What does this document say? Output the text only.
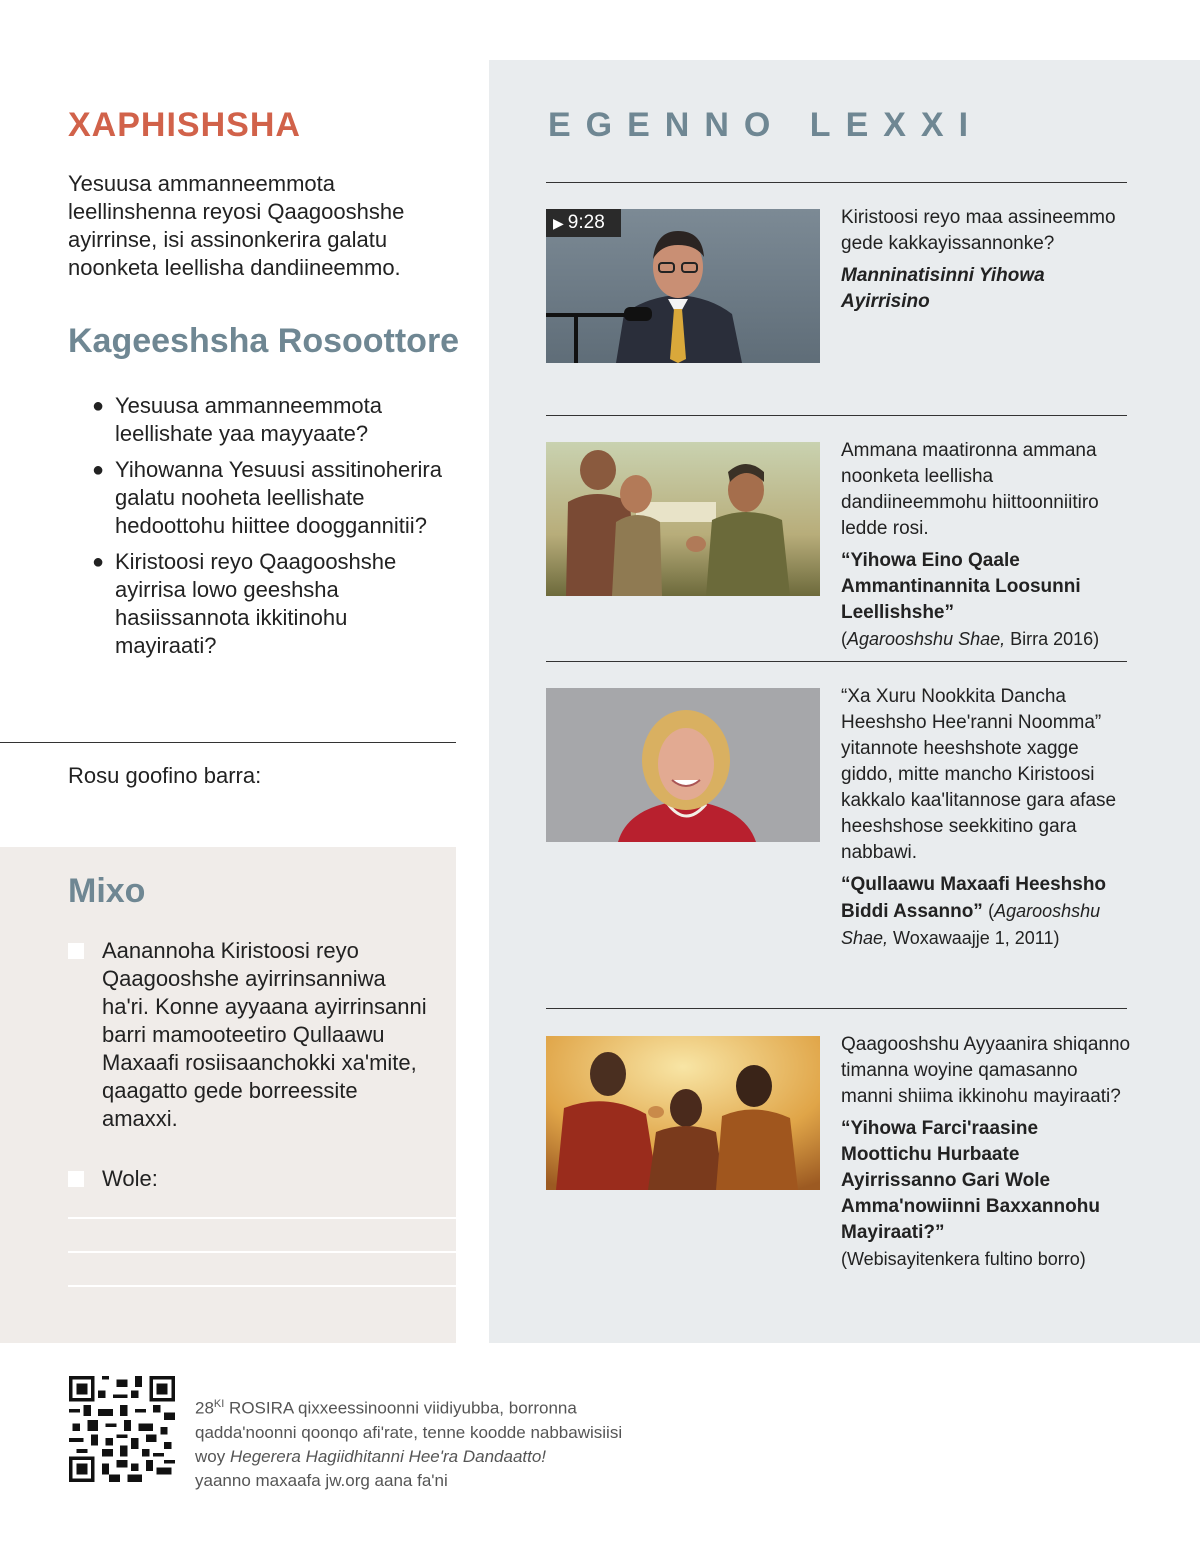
XAPHISHSHA

Yesuusa ammanneemmota leellinshenna reyosi Qaagooshshe ayirrinse, isi assinonkerira galatu noonketa leellisha dandiineemmo.

Kageeshsha Rosoottore
● Yesuusa ammanneemmota leellishate yaa mayyaate?
● Yihowanna Yesuusi assitinoherira galatu nooheta leellishate hedoottohu hiittee dooggannitii?
● Kiristoosi reyo Qaagooshshe ayirrisa lowo geeshsha hasiissannota ikkitinohu mayiraati?
Rosu goofino barra:
Mixo
Aanannoha Kiristoosi reyo Qaagooshshe ayirrinsanniwa ha'ri. Konne ayyaana ayirrinsanni barri mamooteetiro Qullaawu Maxaafi rosiisaanchokki xa'mite, qaagatto gede borreessite amaxxi.
Wole:
EGENNO LEXXI
▶ 9:28	Kiristoosi reyo maa assineemmo gede kakkayissannonke?
Manninatisinni Yihowa Ayirrisino
Ammana maatironna ammana noonketa leellisha dandiineemmohu hiittoonniitiro ledde rosi.
“Yihowa Eino Qaale Ammantinannita Loosunni Leellishshe”
(Agarooshshu Shae, Birra 2016)
“Xa Xuru Nookkita Dancha Heeshsho Hee'ranni Noomma” yitannote heeshshote xagge giddo, mitte mancho Kiristoosi kakkalo kaa'litannose gara afase heeshshose seekkitino gara nabbawi.
“Qullaawu Maxaafi Heeshsho Biddi Assanno” (Agarooshshu Shae, Woxawaajje 1, 2011)
Qaagooshshu Ayyaanira shiqanno timanna woyine qamasanno manni shiima ikkinohu mayiraati?
“Yihowa Farci'raasine Moottichu Hurbaate Ayirrissanno Gari Wole Amma'nowiinni Baxxannohu Mayiraati?”
(Webisayitenkera fultino borro)
$28^{KI}$ ROSIRA qixxeessinoonni viidiyubba, borronna
qadda'noonni qoonqo afi'rate, tenne koodde nabbawisiisi
woy Hegerera Hagiidhitanni Hee'ra Dandaatto!
yaanno maxaafa jw.org aana fa'ni
